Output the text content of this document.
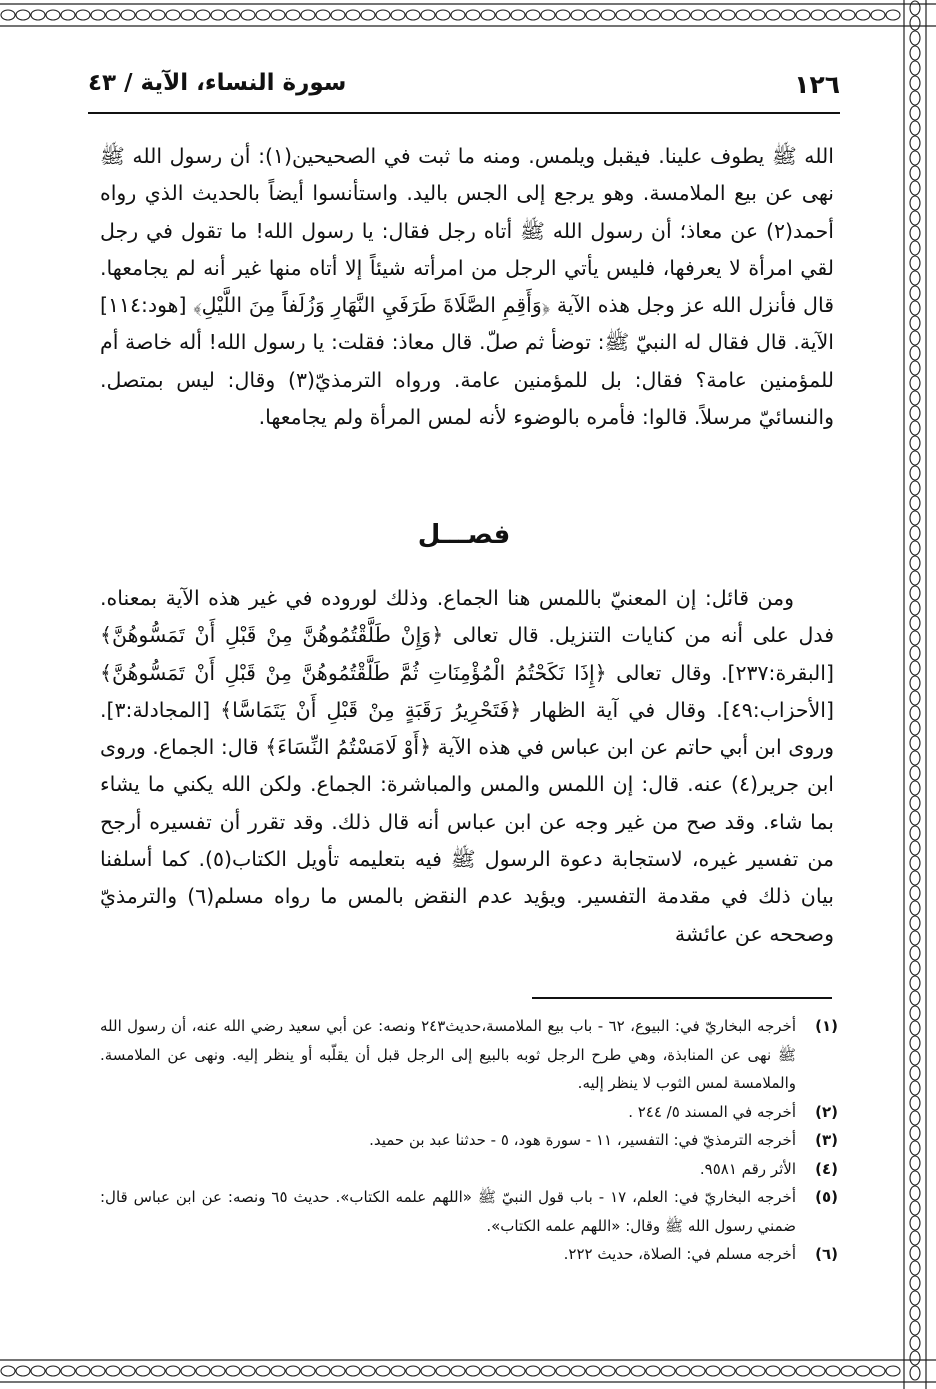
١٢٦
سورة النساء، الآية / ٤٣

الله ﷺ يطوف علينا. فيقبل ويلمس. ومنه ما ثبت في الصحيحين(١): أن رسول الله ﷺ نهى عن بيع الملامسة. وهو يرجع إلى الجس باليد. واستأنسوا أيضاً بالحديث الذي رواه أحمد(٢) عن معاذ؛ أن رسول الله ﷺ أتاه رجل فقال: يا رسول الله! ما تقول في رجل لقي امرأة لا يعرفها، فليس يأتي الرجل من امرأته شيئاً إلا أتاه منها غير أنه لم يجامعها. قال فأنزل الله عز وجل هذه الآية ﴿وَأَقِمِ الصَّلَاةَ طَرَفَيِ النَّهَارِ وَزُلَفاً مِنَ اللَّيْلِ﴾ [هود:١١٤] الآية. قال فقال له النبيّ ﷺ: توضأ ثم صلّ. قال معاذ: فقلت: يا رسول الله! أله خاصة أم للمؤمنين عامة؟ فقال: بل للمؤمنين عامة. ورواه الترمذيّ(٣) وقال: ليس بمتصل. والنسائيّ مرسلاً. قالوا: فأمره بالوضوء لأنه لمس المرأة ولم يجامعها.

فصـــل

ومن قائل: إن المعنيّ باللمس هنا الجماع. وذلك لوروده في غير هذه الآية بمعناه. فدل على أنه من كنايات التنزيل. قال تعالى ﴿وَإِنْ طَلَّقْتُمُوهُنَّ مِنْ قَبْلِ أَنْ تَمَسُّوهُنَّ﴾ [البقرة:٢٣٧]. وقال تعالى ﴿إِذَا نَكَحْتُمُ الْمُؤْمِنَاتِ ثُمَّ طَلَّقْتُمُوهُنَّ مِنْ قَبْلِ أَنْ تَمَسُّوهُنَّ﴾ [الأحزاب:٤٩]. وقال في آية الظهار ﴿فَتَحْرِيرُ رَقَبَةٍ مِنْ قَبْلِ أَنْ يَتَمَاسَّا﴾ [المجادلة:٣]. وروى ابن أبي حاتم عن ابن عباس في هذه الآية ﴿أَوْ لَامَسْتُمُ النِّسَاءَ﴾ قال: الجماع. وروى ابن جرير(٤) عنه. قال: إن اللمس والمس والمباشرة: الجماع. ولكن الله يكني ما يشاء بما شاء. وقد صح من غير وجه عن ابن عباس أنه قال ذلك. وقد تقرر أن تفسيره أرجح من تفسير غيره، لاستجابة دعوة الرسول ﷺ فيه بتعليمه تأويل الكتاب(٥). كما أسلفنا بيان ذلك في مقدمة التفسير. ويؤيد عدم النقض بالمس ما رواه مسلم(٦) والترمذيّ وصححه عن عائشة

(١)
أخرجه البخاريّ في: البيوع، ٦٢ - باب بيع الملامسة،حديث٢٤٣ ونصه: عن أبي سعيد رضي الله عنه، أن رسول الله ﷺ نهى عن المنابذة، وهي طرح الرجل ثوبه بالبيع إلى الرجل قبل أن يقلّبه أو ينظر إليه. ونهى عن الملامسة. والملامسة لمس الثوب لا ينظر إليه.
(٢)
أخرجه في المسند ٥/ ٢٤٤ .
(٣)
أخرجه الترمذيّ في: التفسير، ١١ - سورة هود، ٥ - حدثنا عبد بن حميد.
(٤)
الأثر رقم ٩٥٨١.
(٥)
أخرجه البخاريّ في: العلم، ١٧ - باب قول النبيّ ﷺ «اللهم علمه الكتاب». حديث ٦٥ ونصه: عن ابن عباس قال: ضمني رسول الله ﷺ وقال: «اللهم علمه الكتاب».
(٦)
أخرجه مسلم في: الصلاة، حديث ٢٢٢.
